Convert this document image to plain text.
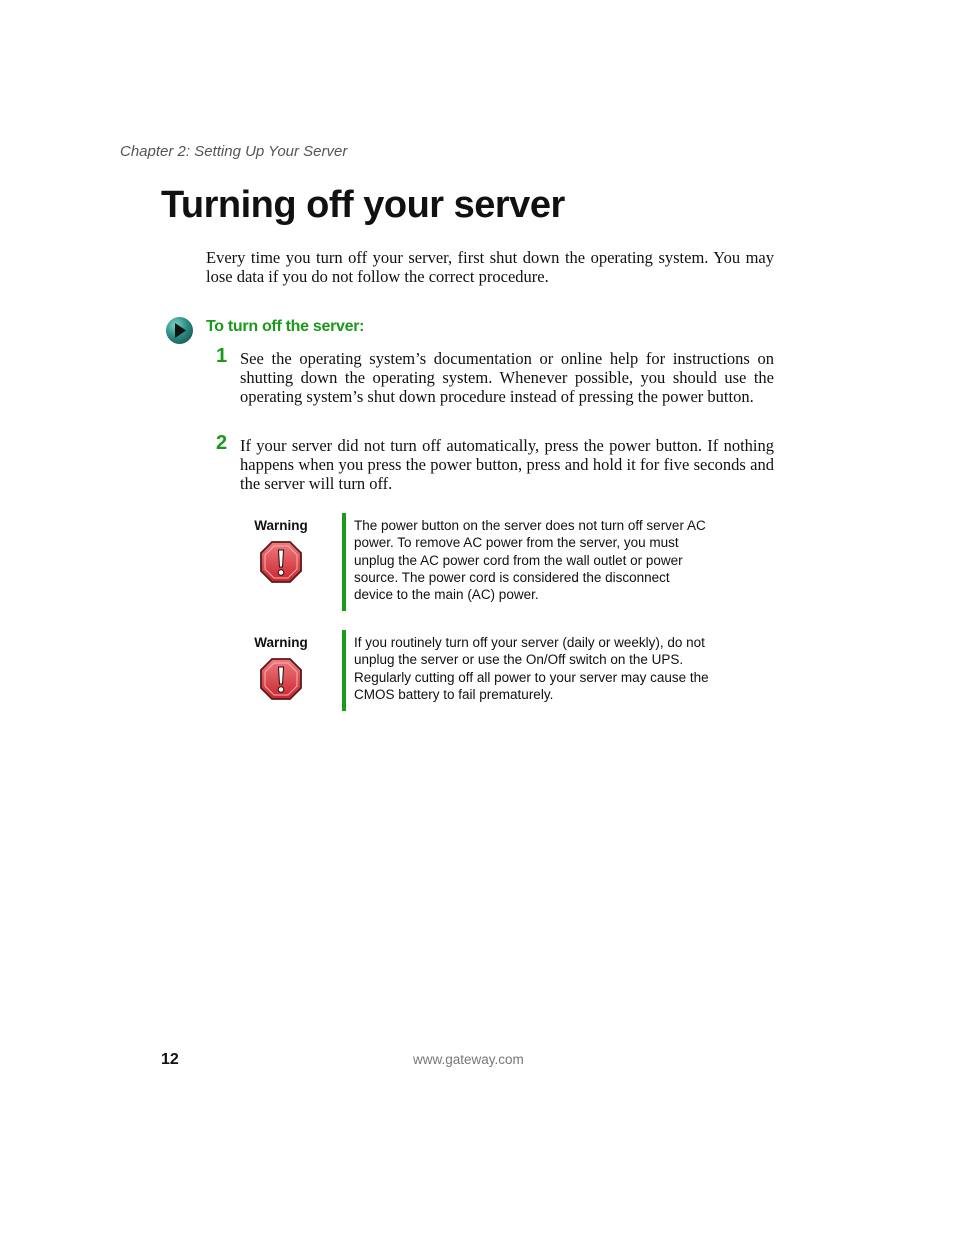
Chapter 2: Setting Up Your Server
Turning off your server

Every time you turn off your server, first shut down the operating system. You may lose data if you do not follow the correct procedure.

To turn off the server:
1 See the operating system’s documentation or online help for instructions on shutting down the operating system. Whenever possible, you should use the operating system’s shut down procedure instead of pressing the power button.

2 If your server did not turn off automatically, press the power button. If nothing happens when you press the power button, press and hold it for five seconds and the server will turn off.

Warning	The power button on the server does not turn off server AC power. To remove AC power from the server, you must unplug the AC power cord from the wall outlet or power source. The power cord is considered the disconnect device to the main (AC) power.

Warning	If you routinely turn off your server (daily or weekly), do not unplug the server or use the On/Off switch on the UPS. Regularly cutting off all power to your server may cause the CMOS battery to fail prematurely.

12	www.gateway.com
